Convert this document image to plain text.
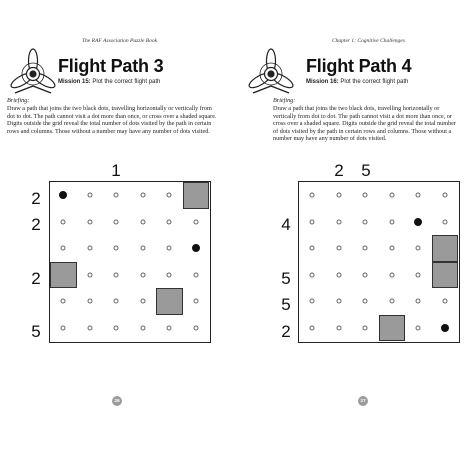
The RAF Association Puzzle Book
Flight Path 3
Mission 15: Plot the correct flight path
Briefing:

Draw a path that joins the two black dots, travelling horizontally or vertically from dot to dot. The path cannot visit a dot more than once, or cross over a shaded square. Digits outside the grid reveal the total number of dots visited by the path in certain rows and columns. Those without a number may have any number of dots visited.

1
2
2
2
5
26
Chapter 1: Cognitive Challenges
Flight Path 4
Mission 16: Plot the correct flight path
Briefing:

Draw a path that joins the two black dots, travelling horizontally or vertically from dot to dot. The path cannot visit a dot more than once, or cross over a shaded square. Digits outside the grid reveal the total number of dots visited by the path in certain rows and columns. Those without a number may have any number of dots visited.

2 5
4
5
5
2
27
